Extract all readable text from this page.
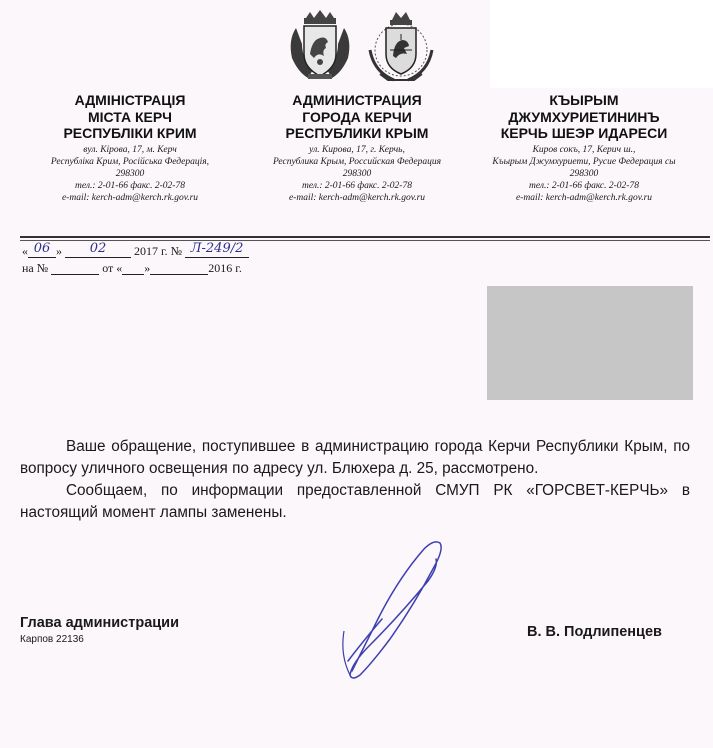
АДМІНІСТРАЦІЯ
МІСТА КЕРЧ
РЕСПУБЛІКИ КРИМ
вул. Кірова, 17, м. Керч
Республіка Крим, Російська Федерація,
298300
тел.: 2-01-66 факс. 2-02-78
e-mail: kerch-adm@kerch.rk.gov.ru
АДМИНИСТРАЦИЯ
ГОРОДА КЕРЧИ
РЕСПУБЛИКИ КРЫМ
ул. Кирова, 17, г. Керчь,
Республика Крым, Российская Федерация
298300
тел.: 2-01-66 факс. 2-02-78
e-mail: kerch-adm@kerch.rk.gov.ru
КЪЫРЫМ
ДЖУМХУРИЕТИНИНЪ
КЕРЧЬ ШЕЭР ИДАРЕСИ
Киров сокъ, 17, Керич ш.,
Къырым Джумхуриети, Русие Федерация сы
298300
тел.: 2-01-66 факс. 2-02-78
e-mail: kerch-adm@kerch.rk.gov.ru
« 06 » 02 2017 г. № Л-249/2
на №	от « »	2016 г.

Ваше обращение, поступившее в администрацию города Керчи Республики Крым, по вопросу уличного освещения по адресу ул. Блюхера д. 25, рассмотрено.

Сообщаем, по информации предоставленной СМУП РК «ГОРСВЕТ-КЕРЧЬ» в настоящий момент лампы заменены.

Глава администрации
Карпов 22136	В. В. Подлипенцев
